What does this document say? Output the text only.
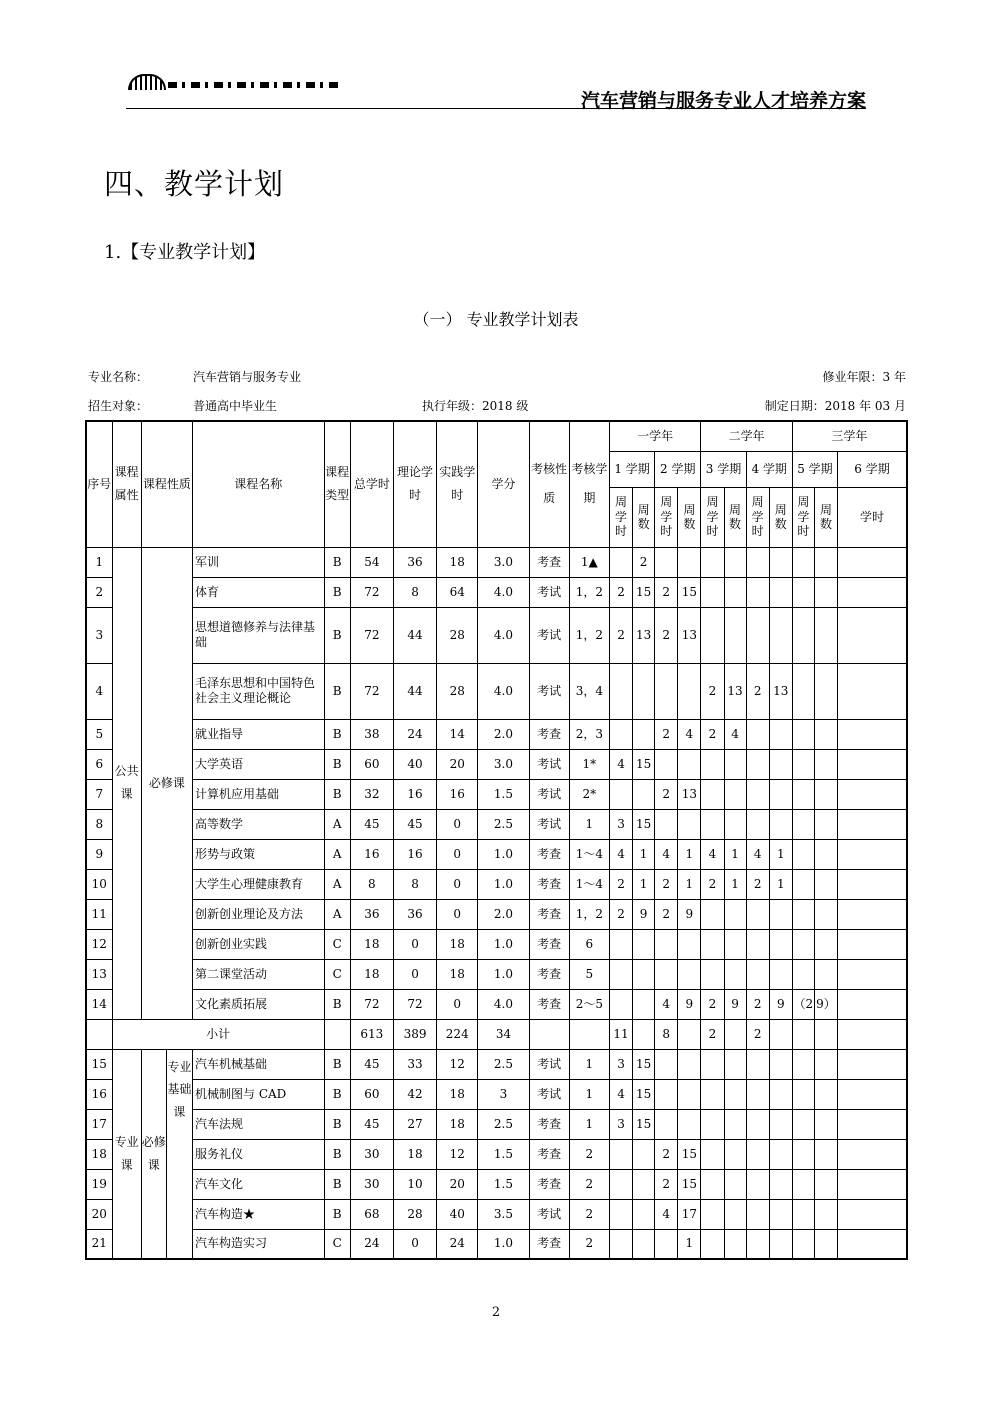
汽车营销与服务专业人才培养方案
四、教学计划
1.【专业教学计划】
（一） 专业教学计划表
专业名称：	汽车营销与服务专业	修业年限：3 年
招生对象：	普通高中毕业生	执行年级：2018 级	制定日期：2018 年 03 月
序号	课程属性	课程性质		课程名称	课程类型	总学时	理论学时	实践学时	学分	考核性质	考核学期	一学年				二学年				三学年		
												1 学期		2 学期		3 学期		4 学期		5 学期		6 学期
												周学时	周数	周学时	周数	周学时	周数	周学时	周数	周学时	周数	学时
1	公共课	必修课		军训	B	54	36	18	3.0	考查	1▲		2									
2				体育	B	72	8	64	4.0	考试	1，2	2	15	2	15							
3				思想道德修养与法律基础	B	72	44	28	4.0	考试	1，2	2	13	2	13							
4				毛泽东思想和中国特色社会主义理论概论	B	72	44	28	4.0	考试	3，4					2	13	2	13			
5				就业指导	B	38	24	14	2.0	考查	2，3			2	4	2	4					
6				大学英语	B	60	40	20	3.0	考试	1*	4	15									
7				计算机应用基础	B	32	16	16	1.5	考试	2*			2	13							
8				高等数学	A	45	45	0	2.5	考试	1	3	15									
9				形势与政策	A	16	16	0	1.0	考查	1～4	4	1	4	1	4	1	4	1			
10				大学生心理健康教育	A	8	8	0	1.0	考查	1～4	2	1	2	1	2	1	2	1			
11				创新创业理论及方法	A	36	36	0	2.0	考查	1，2	2	9	2	9							
12				创新创业实践	C	18	0	18	1.0	考查	6											
13				第二课堂活动	C	18	0	18	1.0	考查	5											
14				文化素质拓展	B	72	72	0	4.0	考查	2～5			4	9	2	9	2	9	（2	9）	
	小计					613	389	224	34			11		8		2		2				
15	专业课	必修课	专业基础课	汽车机械基础	B	45	33	12	2.5	考试	1	3	15									
16				机械制图与 CAD	B	60	42	18	3	考试	1	4	15									
17				汽车法规	B	45	27	18	2.5	考查	1	3	15									
18				服务礼仪	B	30	18	12	1.5	考查	2			2	15							
19				汽车文化	B	30	10	20	1.5	考查	2			2	15							
20				汽车构造★	B	68	28	40	3.5	考试	2			4	17							
21				汽车构造实习	C	24	0	24	1.0	考查	2				1							
2
